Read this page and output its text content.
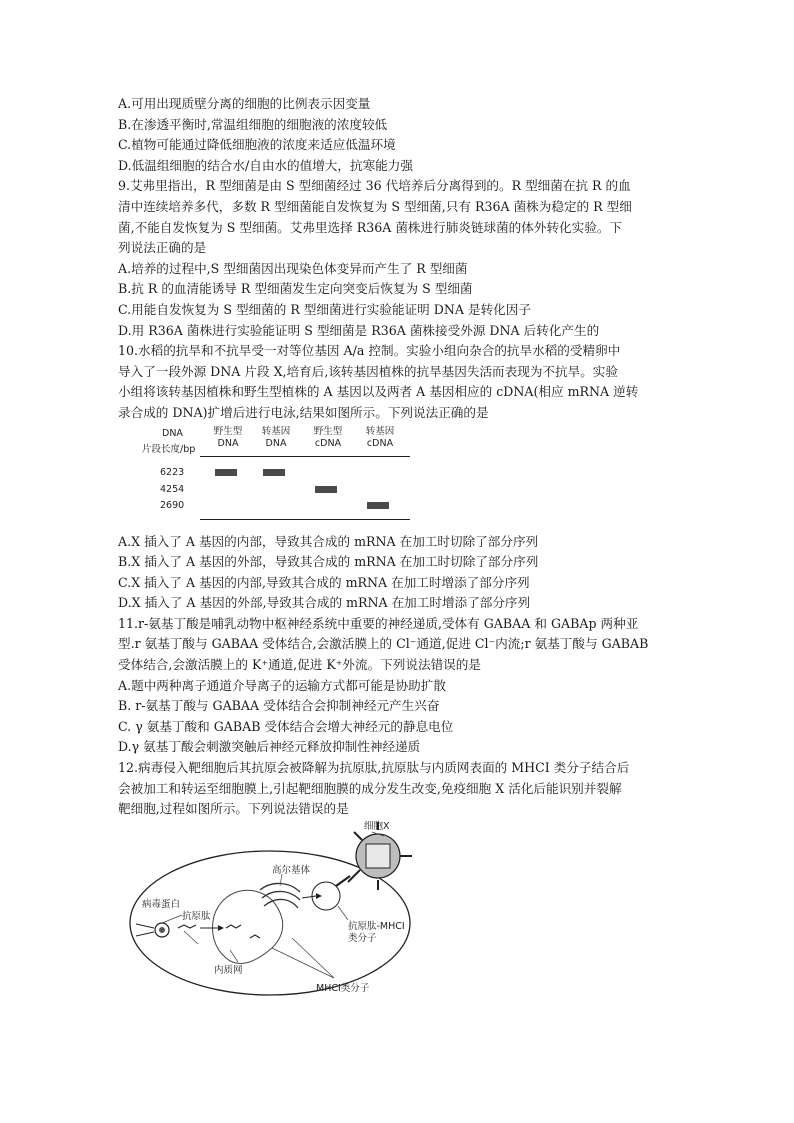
A.可用出现质壁分离的细胞的比例表示因变量
B.在渗透平衡时,常温组细胞的细胞液的浓度较低
C.植物可能通过降低细胞液的浓度来适应低温环境
D.低温组细胞的结合水/自由水的值增大，抗寒能力强
9.艾弗里指出，R 型细菌是由 S 型细菌经过 36 代培养后分离得到的。R 型细菌在抗 R 的血
清中连续培养多代，多数 R 型细菌能自发恢复为 S 型细菌,只有 R36A 菌株为稳定的 R 型细
菌,不能自发恢复为 S 型细菌。艾弗里选择 R36A 菌株进行肺炎链球菌的体外转化实验。下
列说法正确的是
A.培养的过程中,S 型细菌因出现染色体变异而产生了 R 型细菌
B.抗 R 的血清能诱导 R 型细菌发生定向突变后恢复为 S 型细菌
C.用能自发恢复为 S 型细菌的 R 型细菌进行实验能证明 DNA 是转化因子
D.用 R36A 菌株进行实验能证明 S 型细菌是 R36A 菌株接受外源 DNA 后转化产生的
10.水稻的抗旱和不抗旱受一对等位基因 A/a 控制。实验小组向杂合的抗旱水稻的受精卵中
导入了一段外源 DNA 片段 X,培育后,该转基因植株的抗旱基因失活而表现为不抗旱。实验
小组将该转基因植株和野生型植株的 A 基因以及两者 A 基因相应的 cDNA(相应 mRNA 逆转
录合成的 DNA)扩增后进行电泳,结果如图所示。下列说法正确的是
DNA
片段长度/bp
野生型
DNA
转基因
DNA
野生型
cDNA
转基因
cDNA
6223
4254
2690
A.X 插入了 A 基因的内部，导致其合成的 mRNA 在加工时切除了部分序列
B.X 插入了 A 基因的外部，导致其合成的 mRNA 在加工时切除了部分序列
C.X 插入了 A 基因的内部,导致其合成的 mRNA 在加工时增添了部分序列
D.X 插入了 A 基因的外部,导致其合成的 mRNA 在加工时增添了部分序列
11.r-氨基丁酸是哺乳动物中枢神经系统中重要的神经递质,受体有 GABAA 和 GABAp 两种亚
型.r 氨基丁酸与 GABAA 受体结合,会激活膜上的 Cl⁻通道,促进 Cl⁻内流;r 氨基丁酸与 GABAB
受体结合,会激活膜上的 K⁺通道,促进 K⁺外流。下列说法错误的是
A.题中两种离子通道介导离子的运输方式都可能是协助扩散
B. r-氨基丁酸与 GABAA 受体结合会抑制神经元产生兴奋
C. γ 氨基丁酸和 GABAB 受体结合会增大神经元的静息电位
D.γ 氨基丁酸会刺激突触后神经元释放抑制性神经递质
12.病毒侵入靶细胞后其抗原会被降解为抗原肽,抗原肽与内质网表面的 MHCI 类分子结合后
会被加工和转运至细胞膜上,引起靶细胞膜的成分发生改变,免疫细胞 X 活化后能识别并裂解
靶细胞,过程如图所示。下列说法错误的是
细胞X
病毒蛋白
抗原肽
高尔基体
内质网
抗原肽-MHCI
类分子
MHCI类分子
